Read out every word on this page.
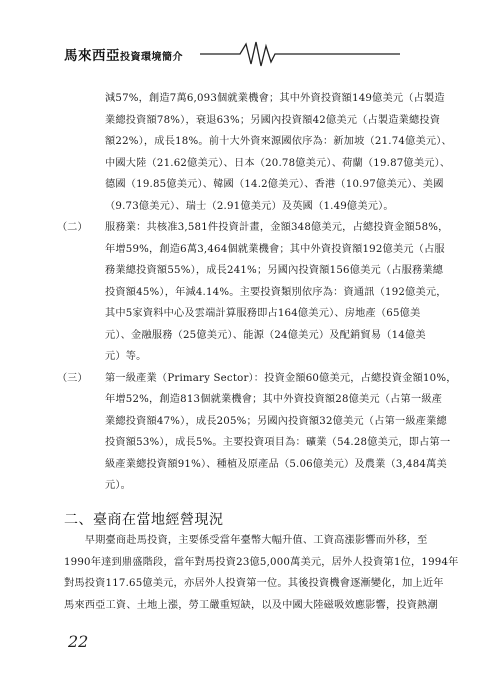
馬來西亞投資環境簡介

減57%，創造7萬6,093個就業機會；其中外資投資額149億美元（占製造

業總投資額78%），衰退63%；另國內投資額42億美元（占製造業總投資

額22%），成長18%。前十大外資來源國依序為：新加坡（21.74億美元）、

中國大陸（21.62億美元）、日本（20.78億美元）、荷蘭（19.87億美元）、

德國（19.85億美元）、韓國（14.2億美元）、香港（10.97億美元）、美國

（9.73億美元）、瑞士（2.91億美元）及英國（1.49億美元）。

（二） 服務業：共核准3,581件投資計畫，金額348億美元，占總投資金額58%，

年增59%，創造6萬3,464個就業機會；其中外資投資額192億美元（占服

務業總投資額55%），成長241%；另國內投資額156億美元（占服務業總

投資額45%），年減4.14%。主要投資類別依序為：資通訊（192億美元，

其中5家資料中心及雲端計算服務即占164億美元）、房地產（65億美

元）、金融服務（25億美元）、能源（24億美元）及配銷貿易（14億美

元）等。

（三） 第一級產業（Primary Sector）：投資金額60億美元，占總投資金額10%，

年增52%，創造813個就業機會；其中外資投資額28億美元（占第一級產

業總投資額47%），成長205%；另國內投資額32億美元（占第一級產業總

投資額53%），成長5%。主要投資項目為：礦業（54.28億美元，即占第一

級產業總投資額91%）、種植及原產品（5.06億美元）及農業（3,484萬美

元）。

二、臺商在當地經營現況

　　早期臺商赴馬投資，主要係受當年臺幣大幅升值、工資高漲影響而外移，至

1990年達到鼎盛階段，當年對馬投資23億5,000萬美元，居外人投資第1位，1994年

對馬投資117.65億美元，亦居外人投資第一位。其後投資機會逐漸變化，加上近年

馬來西亞工資、土地上漲，勞工嚴重短缺，以及中國大陸磁吸效應影響，投資熱潮

22
